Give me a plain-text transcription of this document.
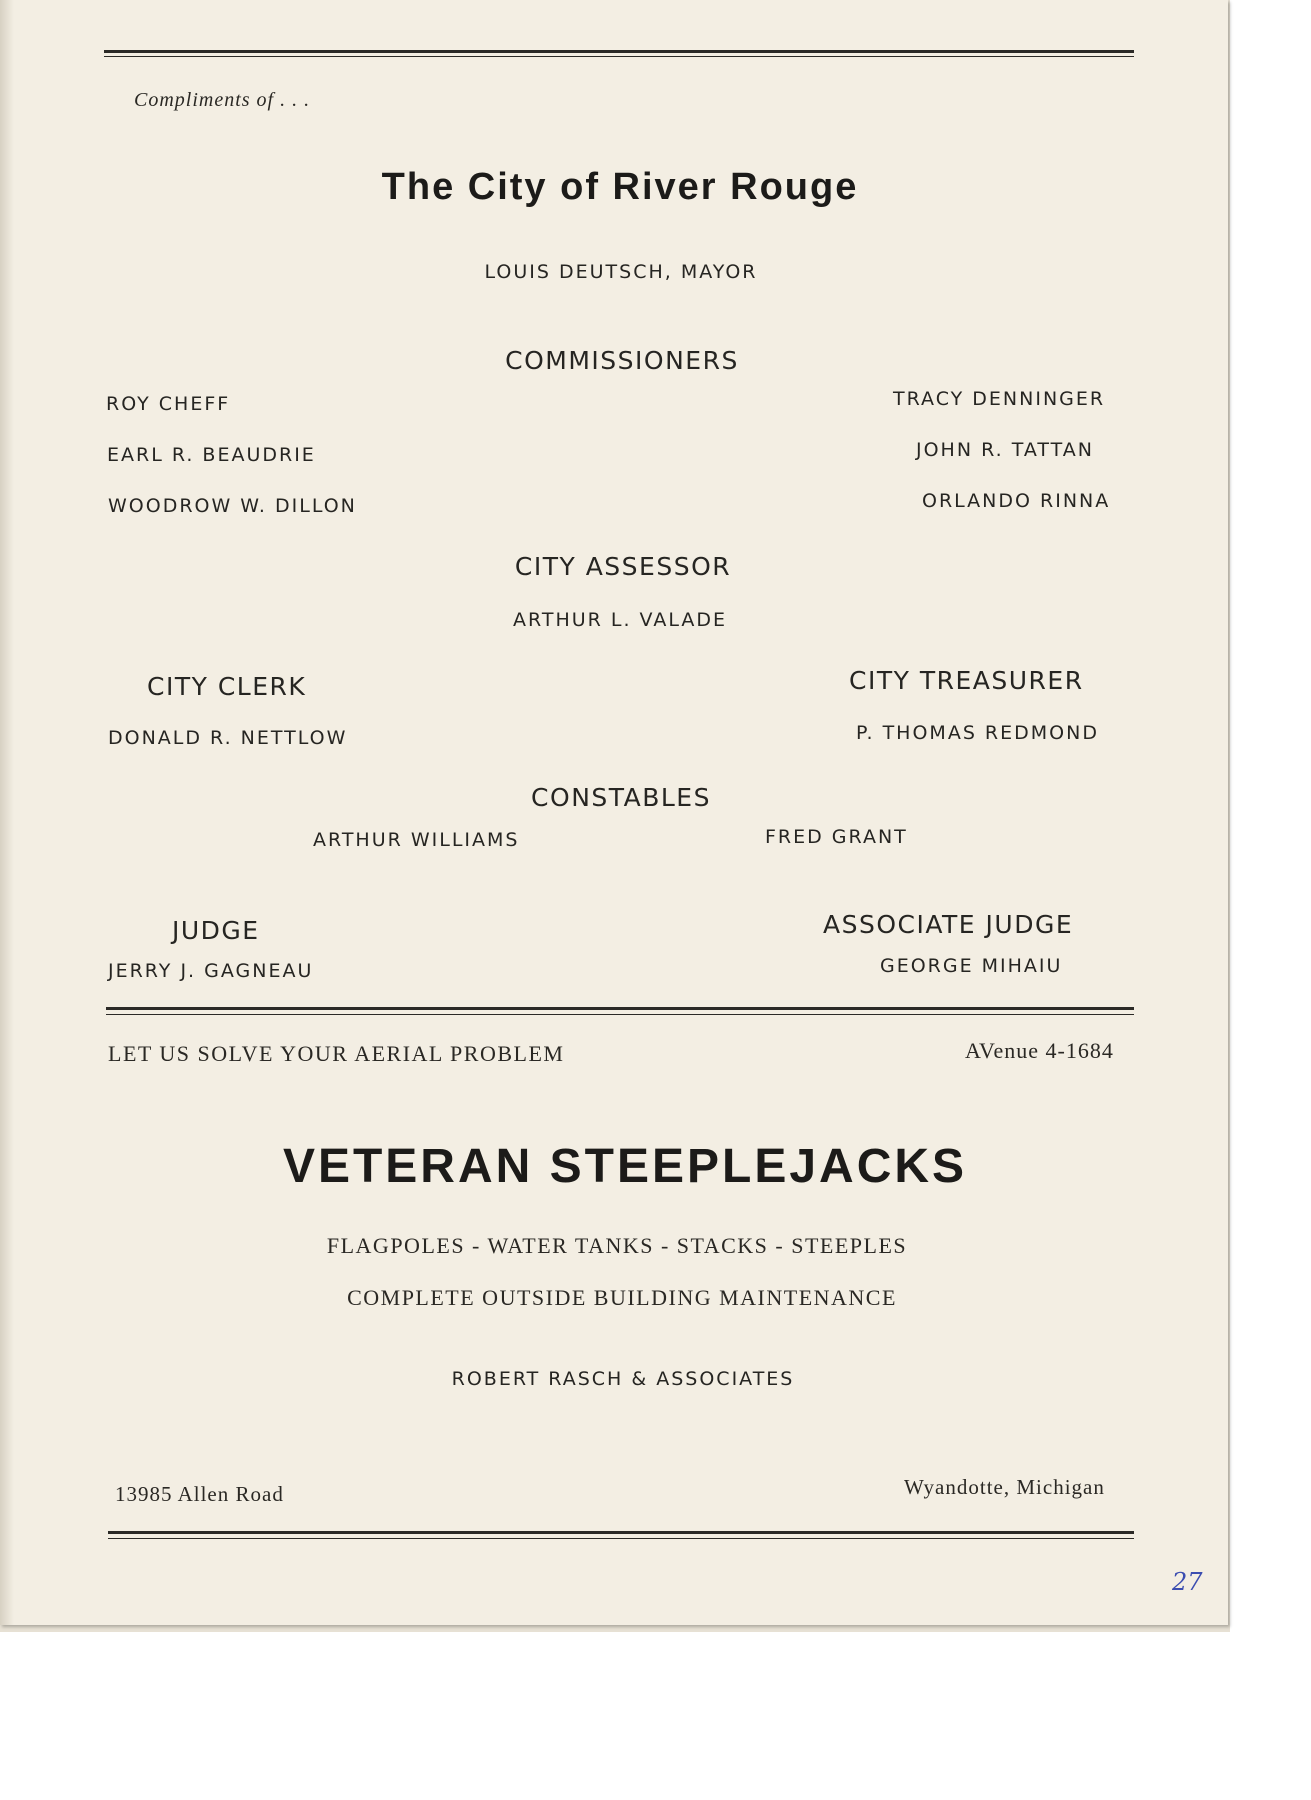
Compliments of . . .
The City of River Rouge
LOUIS DEUTSCH, MAYOR
COMMISSIONERS
ROY CHEFF
EARL R. BEAUDRIE
WOODROW W. DILLON
TRACY DENNINGER
JOHN R. TATTAN
ORLANDO RINNA
CITY ASSESSOR
ARTHUR L. VALADE
CITY CLERK
DONALD R. NETTLOW
CITY TREASURER
P. THOMAS REDMOND
CONSTABLES
ARTHUR WILLIAMS	FRED GRANT
JUDGE
JERRY J. GAGNEAU
ASSOCIATE JUDGE
GEORGE MIHAIU
LET US SOLVE YOUR AERIAL PROBLEM	AVenue 4-1684
VETERAN STEEPLEJACKS
FLAGPOLES - WATER TANKS - STACKS - STEEPLES
COMPLETE OUTSIDE BUILDING MAINTENANCE
ROBERT RASCH & ASSOCIATES
13985 Allen Road	Wyandotte, Michigan
27
